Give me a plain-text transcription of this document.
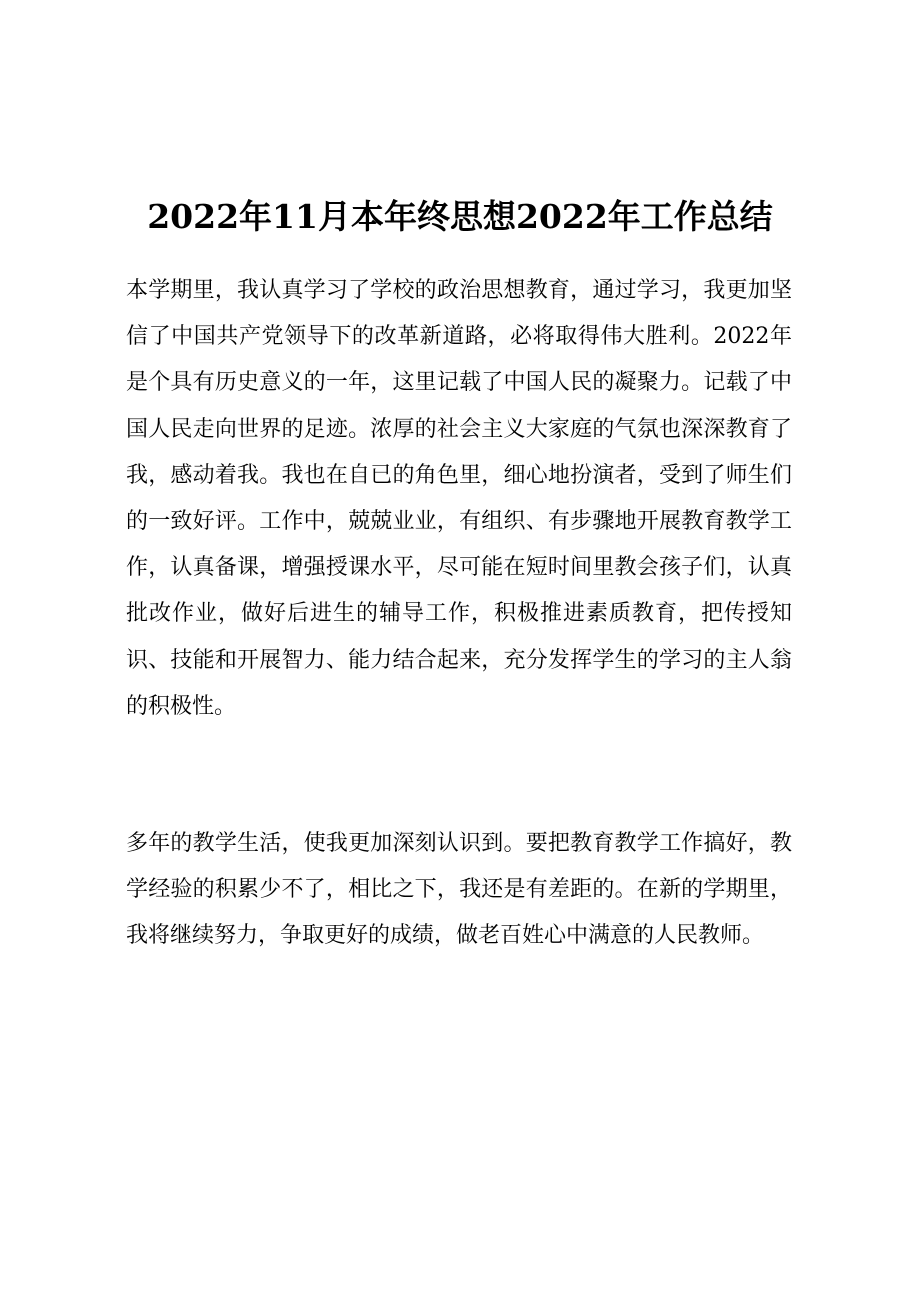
2022年11月本年终思想2022年工作总结

本学期里，我认真学习了学校的政治思想教育，通过学习，我更加坚信了中国共产党领导下的改革新道路，必将取得伟大胜利。2022年是个具有历史意义的一年，这里记载了中国人民的凝聚力。记载了中国人民走向世界的足迹。浓厚的社会主义大家庭的气氛也深深教育了我，感动着我。我也在自已的角色里，细心地扮演者，受到了师生们的一致好评。工作中，兢兢业业，有组织、有步骤地开展教育教学工作，认真备课，增强授课水平，尽可能在短时间里教会孩子们，认真批改作业，做好后进生的辅导工作，积极推进素质教育，把传授知识、技能和开展智力、能力结合起来，充分发挥学生的学习的主人翁的积极性。

多年的教学生活，使我更加深刻认识到。要把教育教学工作搞好，教学经验的积累少不了，相比之下，我还是有差距的。在新的学期里，我将继续努力，争取更好的成绩，做老百姓心中满意的人民教师。
